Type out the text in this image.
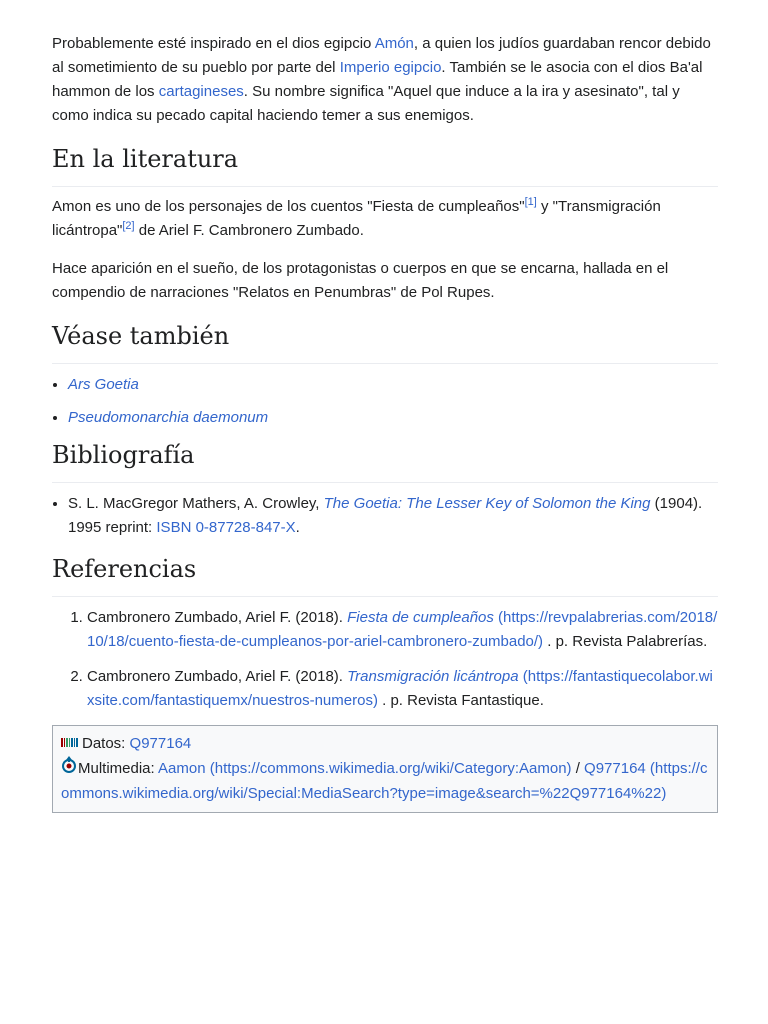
Probablemente esté inspirado en el dios egipcio Amón, a quien los judíos guardaban rencor debido al sometimiento de su pueblo por parte del Imperio egipcio. También se le asocia con el dios Ba'al hammon de los cartagineses. Su nombre significa "Aquel que induce a la ira y asesinato", tal y como indica su pecado capital haciendo temer a sus enemigos.

En la literatura

Amon es uno de los personajes de los cuentos "Fiesta de cumpleaños"[1] y "Transmigración licántropa"[2] de Ariel F. Cambronero Zumbado.

Hace aparición en el sueño, de los protagonistas o cuerpos en que se encarna, hallada en el compendio de narraciones "Relatos en Penumbras" de Pol Rupes.

Véase también
• Ars Goetia
• Pseudomonarchia daemonum
Bibliografía
• S. L. MacGregor Mathers, A. Crowley, The Goetia: The Lesser Key of Solomon the King (1904). 1995 reprint: ISBN 0-87728-847-X.
Referencias
1. Cambronero Zumbado, Ariel F. (2018). Fiesta de cumpleaños (https://revpalabrerias.com/2018/10/18/cuento-fiesta-de-cumpleanos-por-ariel-cambronero-zumbado/) . p. Revista Palabrerías.
2. Cambronero Zumbado, Ariel F. (2018). Transmigración licántropa (https://fantastiquecolabor.wixsite.com/fantastiquemx/nuestros-numeros) . p. Revista Fantastique.
Datos: Q977164
Multimedia: Aamon (https://commons.wikimedia.org/wiki/Category:Aamon) / Q977164 (https://commons.wikimedia.org/wiki/Special:MediaSearch?type=image&search=%22Q977164%22)
